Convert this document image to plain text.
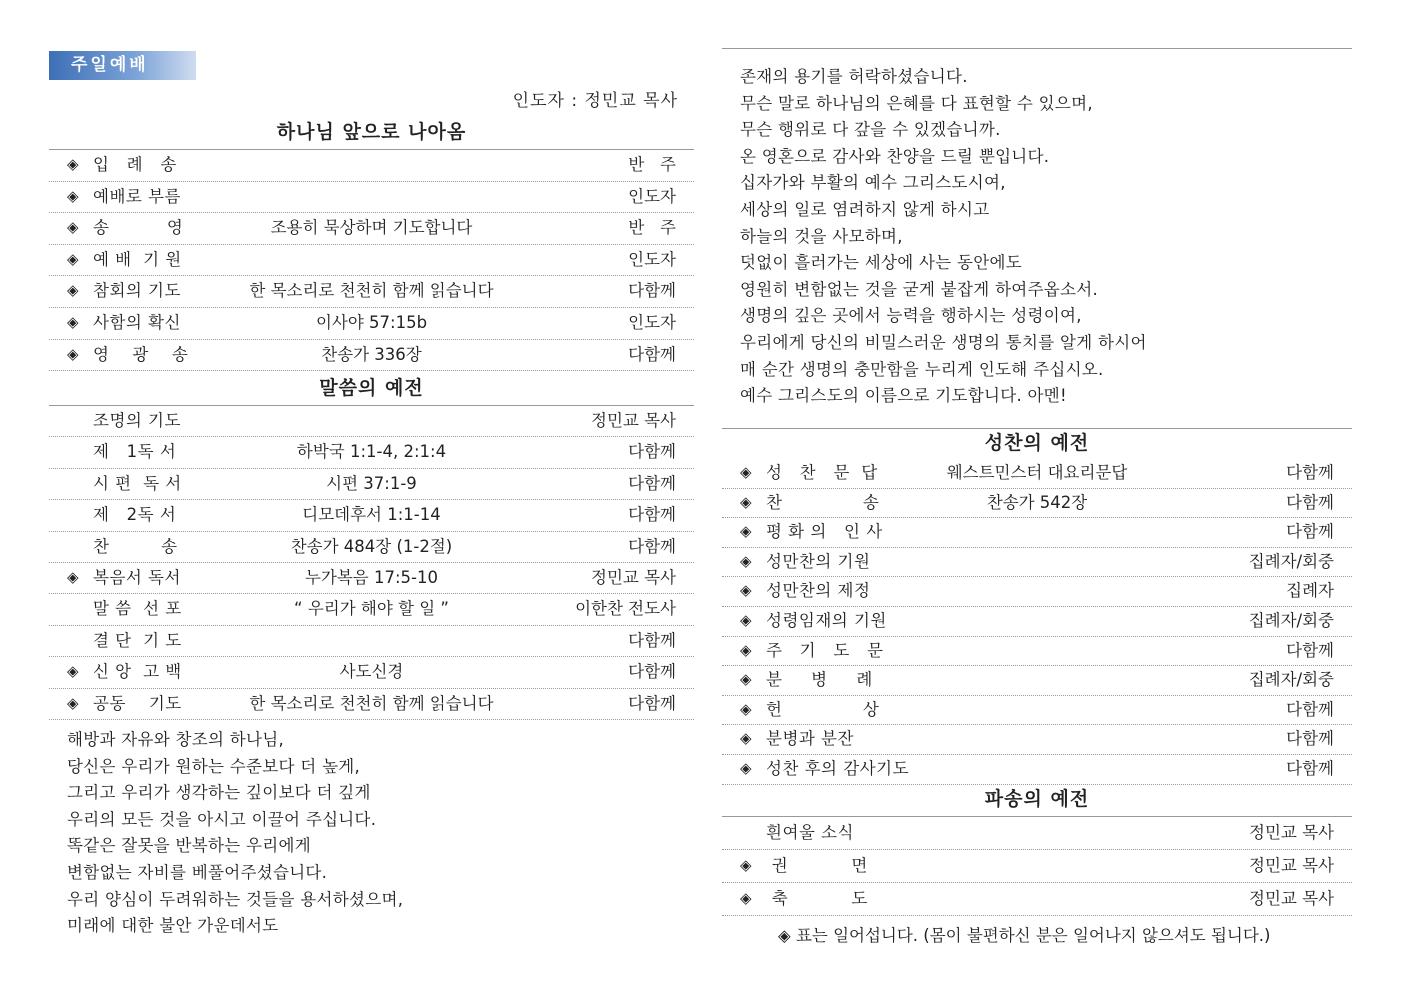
주일예배
인도자 : 정민교 목사
하나님 앞으로 나아옴
◈ 입   례   송	반   주
◈ 예배로 부름	인도자
◈ 송          영	조용히 묵상하며 기도합니다	반   주
◈ 예 배  기 원	인도자
◈ 참회의 기도	한 목소리로 천천히 함께 읽습니다	다함께
◈ 사함의 확신	이사야 57:15b	인도자
◈ 영    광    송	찬송가 336장	다함께
말씀의 예전
조명의 기도	정민교 목사
제   1독 서	하박국 1:1-4, 2:1:4	다함께
시 편  독 서	시편 37:1-9	다함께
제   2독 서	디모데후서 1:1-14	다함께
찬         송	찬송가 484장 (1-2절)	다함께
◈ 복음서 독서	누가복음 17:5-10	정민교 목사
말 씀  선 포	“ 우리가 해야 할 일 ”	이한찬 전도사
결 단  기 도	다함께
◈ 신 앙  고 백	사도신경	다함께
◈ 공동    기도	한 목소리로 천천히 함께 읽습니다	다함께
해방과 자유와 창조의 하나님,
당신은 우리가 원하는 수준보다 더 높게,
그리고 우리가 생각하는 깊이보다 더 깊게
우리의 모든 것을 아시고 이끌어 주십니다.
똑같은 잘못을 반복하는 우리에게
변함없는 자비를 베풀어주셨습니다.
우리 양심이 두려워하는 것들을 용서하셨으며,
미래에 대한 불안 가운데서도
존재의 용기를 허락하셨습니다.
무슨 말로 하나님의 은혜를 다 표현할 수 있으며,
무슨 행위로 다 갚을 수 있겠습니까.
온 영혼으로 감사와 찬양을 드릴 뿐입니다.
십자가와 부활의 예수 그리스도시여,
세상의 일로 염려하지 않게 하시고
하늘의 것을 사모하며,
덧없이 흘러가는 세상에 사는 동안에도
영원히 변함없는 것을 굳게 붙잡게 하여주옵소서.
생명의 깊은 곳에서 능력을 행하시는 성령이여,
우리에게 당신의 비밀스러운 생명의 통치를 알게 하시어
매 순간 생명의 충만함을 누리게 인도해 주십시오.
예수 그리스도의 이름으로 기도합니다. 아멘!
성찬의 예전
◈ 성   찬   문  답	웨스트민스터 대요리문답	다함께
◈ 찬              송	찬송가 542장	다함께
◈ 평 화 의   인 사	다함께
◈ 성만찬의 기원	집례자/회중
◈ 성만찬의 제정	집례자
◈ 성령임재의 기원	집례자/회중
◈ 주   기   도   문	다함께
◈ 분     병     례	집례자/회중
◈ 헌              상	다함께
◈ 분병과 분잔	다함께
◈ 성찬 후의 감사기도	다함께
파송의 예전
흰여울 소식	정민교 목사
◈ 권           면	정민교 목사
◈ 축           도	정민교 목사
◈ 표는 일어섭니다. (몸이 불편하신 분은 일어나지 않으셔도 됩니다.)
